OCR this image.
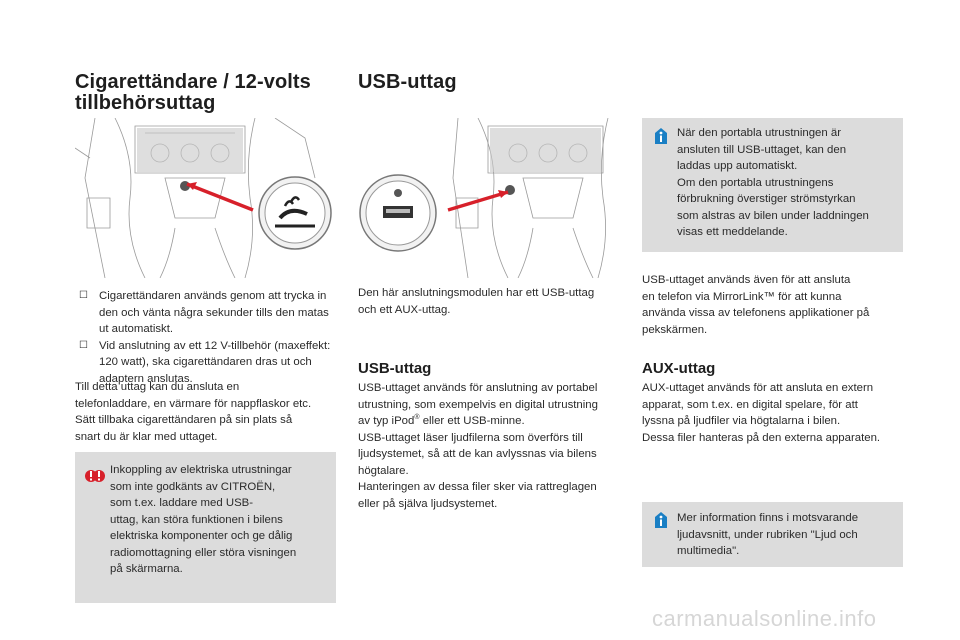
Cigarettändare / 12-volts
tillbehörsuttag
☐ Cigarettändaren används genom att trycka in den och vänta några sekunder tills den matas ut automatiskt.
☐ Vid anslutning av ett 12 V-tillbehör (maxeffekt: 120 watt), ska cigarettändaren dras ut och adaptern anslutas.

Till detta uttag kan du ansluta en
telefonladdare, en värmare för nappflaskor etc.
Sätt tillbaka cigarettändaren på sin plats så
snart du är klar med uttaget.

Inkoppling av elektriska utrustningar
som inte godkänts av CITROËN,
som t.ex. laddare med USB-
uttag, kan störa funktionen i bilens
elektriska komponenter och ge dålig
radiomottagning eller störa visningen
på skärmarna.

USB-uttag

Den här anslutningsmodulen har ett USB-uttag
och ett AUX-uttag.

USB-uttag

USB-uttaget används för anslutning av portabel
utrustning, som exempelvis en digital utrustning
av typ iPod® eller ett USB-minne.
USB-uttaget läser ljudfilerna som överförs till
ljudsystemet, så att de kan avlyssnas via bilens
högtalare.
Hanteringen av dessa filer sker via rattreglagen
eller på själva ljudsystemet.

När den portabla utrustningen är
ansluten till USB-uttaget, kan den
laddas upp automatiskt.
Om den portabla utrustningens
förbrukning överstiger strömstyrkan
som alstras av bilen under laddningen
visas ett meddelande.

USB-uttaget används även för att ansluta
en telefon via MirrorLink™ för att kunna
använda vissa av telefonens applikationer på
pekskärmen.

AUX-uttag

AUX-uttaget används för att ansluta en extern
apparat, som t.ex. en digital spelare, för att
lyssna på ljudfiler via högtalarna i bilen.
Dessa filer hanteras på den externa apparaten.

Mer information finns i motsvarande
ljudavsnitt, under rubriken "Ljud och
multimedia".

carmanualsonline.info
